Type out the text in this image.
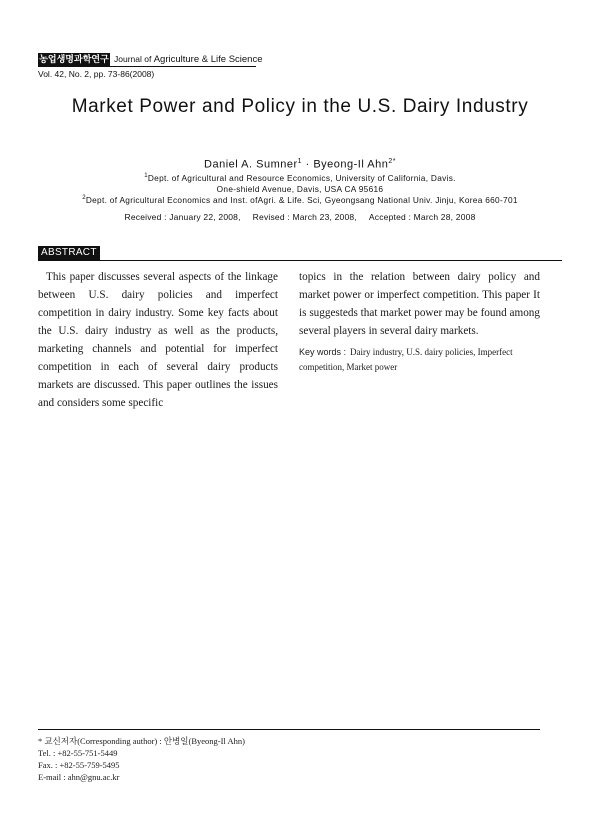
농업생명과학연구 Journal of Agriculture & Life Science
Vol. 42, No. 2, pp. 73-86(2008)
Market Power and Policy in the U.S. Dairy Industry
Daniel A. Sumner$^1$ · Byeong-Il Ahn$^{2*}$
$^1$Dept. of Agricultural and Resource Economics, University of California, Davis.
One-shield Avenue, Davis, USA CA 95616
$^2$Dept. of Agricultural Economics and Inst. ofAgri. & Life. Sci, Gyeongsang National Univ. Jinju, Korea 660-701
Received : January 22, 2008, Revised : March 23, 2008, Accepted : March 28, 2008
ABSTRACT
This paper discusses several aspects of the linkage between U.S. dairy policies and imperfect competition in dairy industry. Some key facts about the U.S. dairy industry as well as the products, marketing channels and potential for imperfect competition in each of several dairy products markets are discussed. This paper outlines the issues and considers some specific
topics in the relation between dairy policy and market power or imperfect competition. This paper It is suggesteds that market power may be found among several players in several dairy markets.
Key words : Dairy industry, U.S. dairy policies, Imperfect competition, Market power
* 교신저자(Corresponding author) : 안병일(Byeong-Il Ahn)
Tel. : +82-55-751-5449
Fax. : +82-55-759-5495
E-mail : ahn@gnu.ac.kr
